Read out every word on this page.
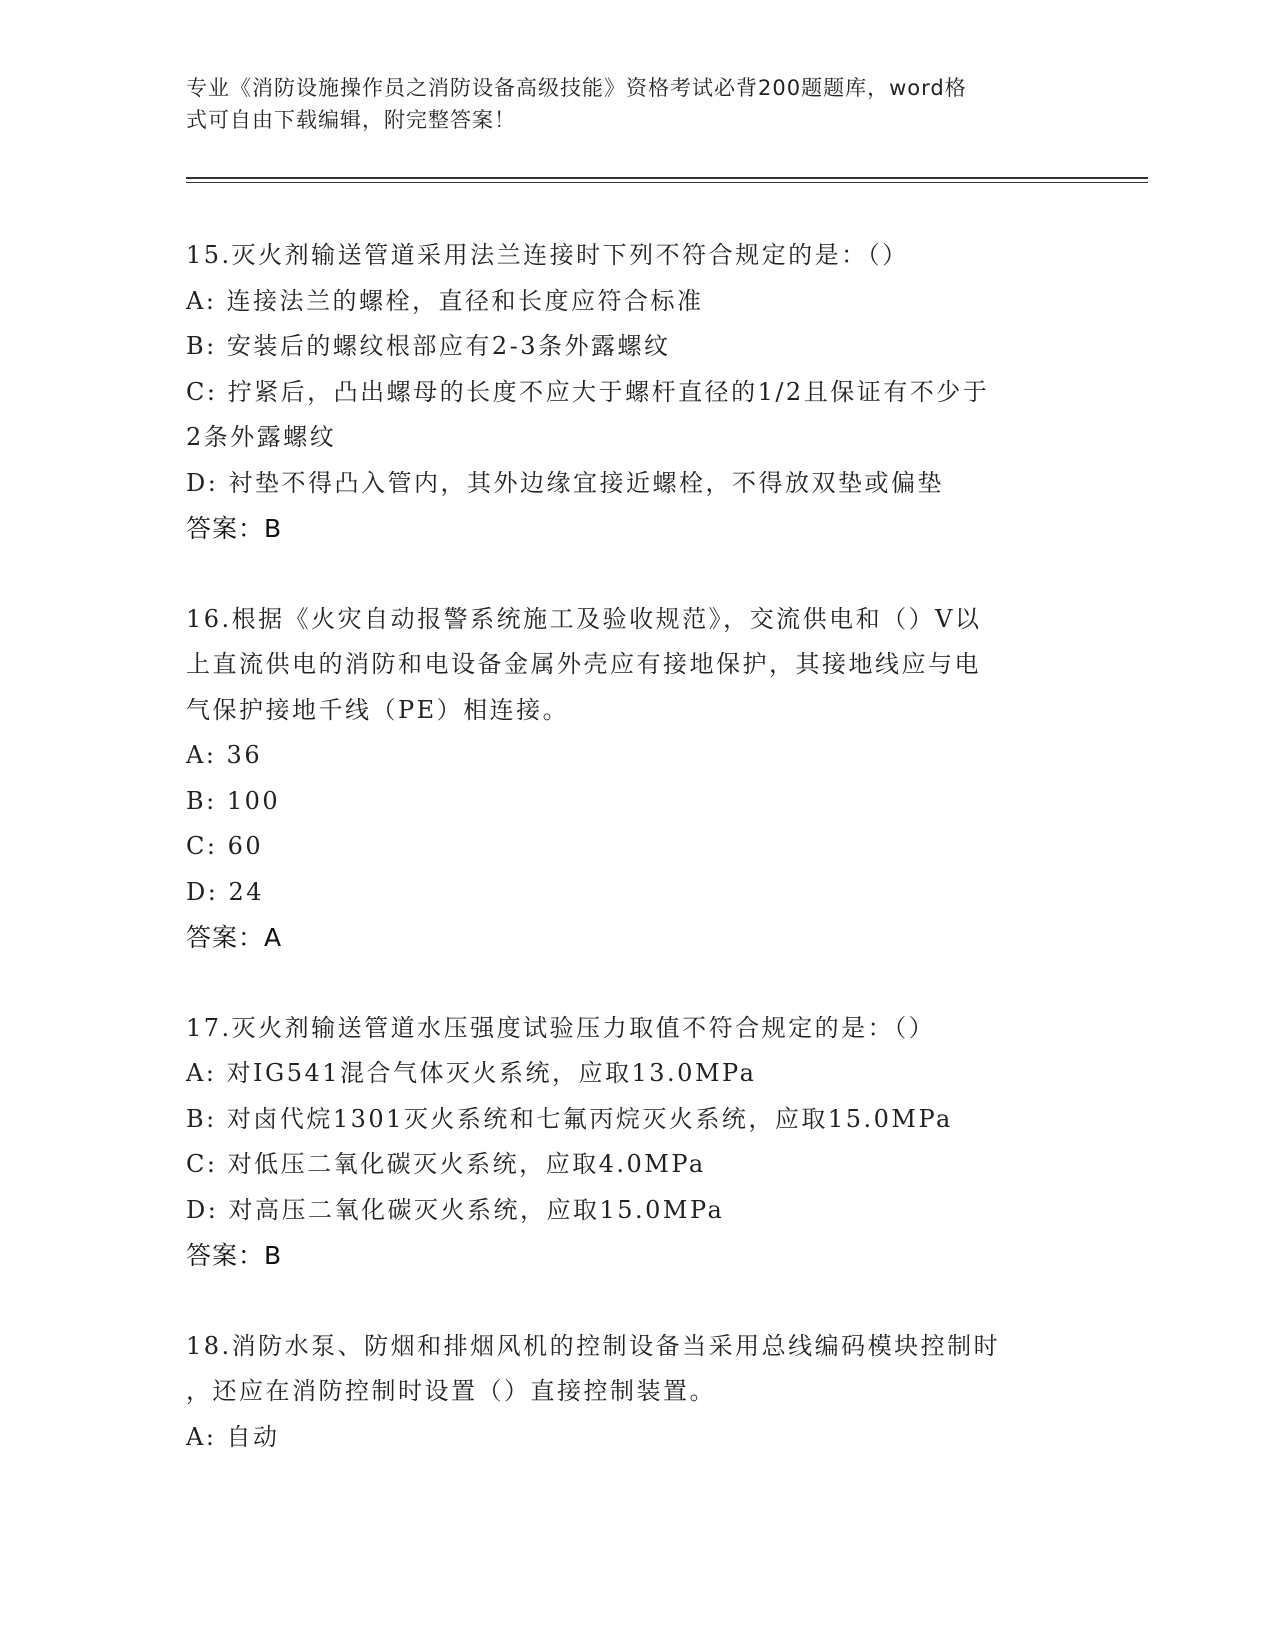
专业《消防设施操作员之消防设备高级技能》资格考试必背200题题库，word格
式可自由下载编辑，附完整答案！
15.灭火剂输送管道采用法兰连接时下列不符合规定的是：（）
A: 连接法兰的螺栓，直径和长度应符合标准
B: 安装后的螺纹根部应有2-3条外露螺纹
C: 拧紧后，凸出螺母的长度不应大于螺杆直径的1/2且保证有不少于
2条外露螺纹
D: 衬垫不得凸入管内，其外边缘宜接近螺栓，不得放双垫或偏垫
答案：B
16.根据《火灾自动报警系统施工及验收规范》，交流供电和（）V以
上直流供电的消防和电设备金属外壳应有接地保护，其接地线应与电
气保护接地千线（PE）相连接。
A: 36
B: 100
C: 60
D: 24
答案：A
17.灭火剂输送管道水压强度试验压力取值不符合规定的是：（）
A: 对IG541混合气体灭火系统，应取13.0MPa
B: 对卤代烷1301灭火系统和七氟丙烷灭火系统，应取15.0MPa
C: 对低压二氧化碳灭火系统，应取4.0MPa
D: 对高压二氧化碳灭火系统，应取15.0MPa
答案：B
18.消防水泵、防烟和排烟风机的控制设备当采用总线编码模块控制时
，还应在消防控制时设置（）直接控制装置。
A: 自动
